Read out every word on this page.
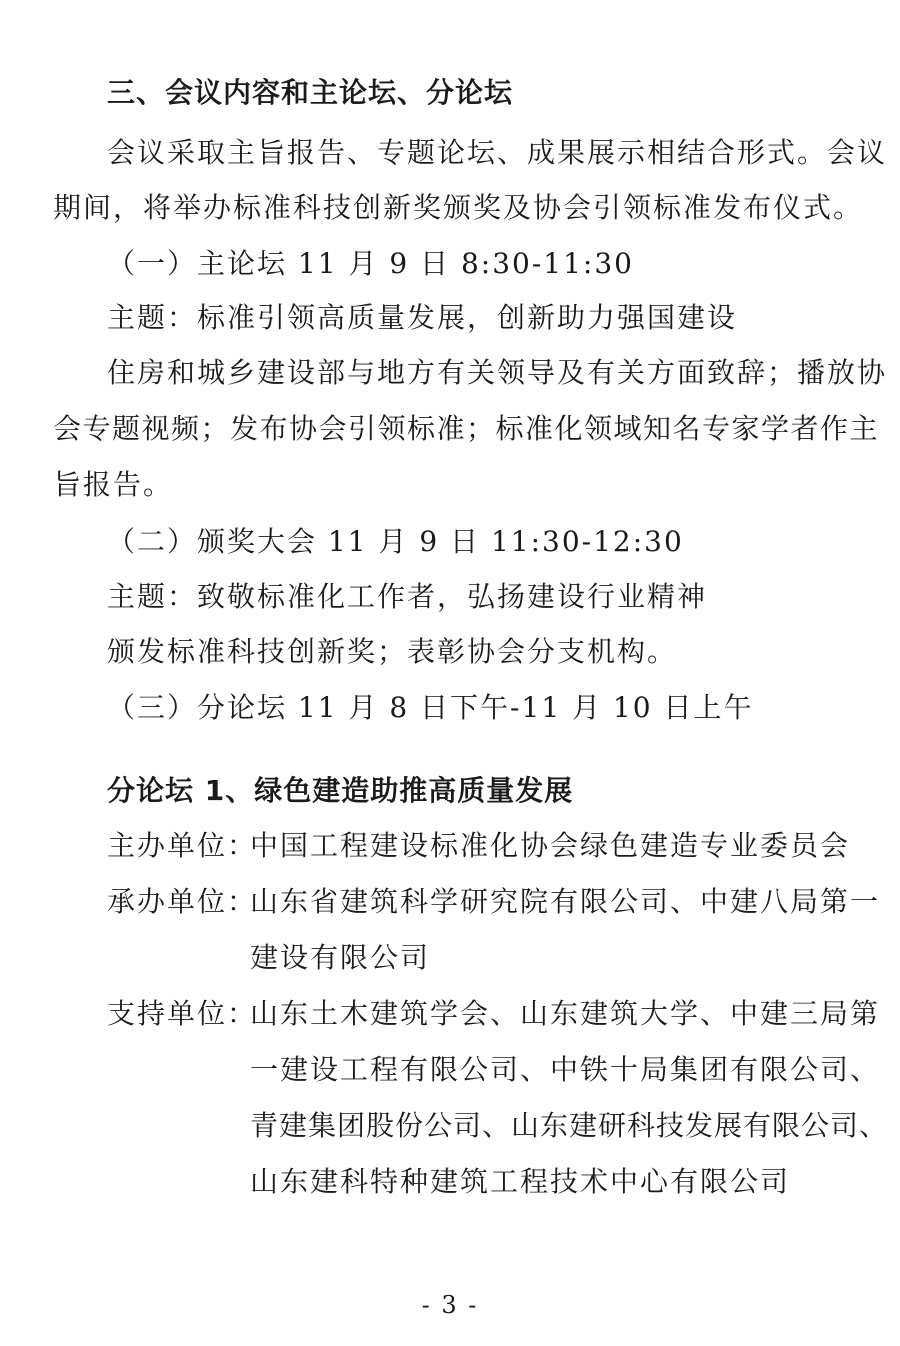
三、会议内容和主论坛、分论坛
会议采取主旨报告、专题论坛、成果展示相结合形式。会议
期间，将举办标准科技创新奖颁奖及协会引领标准发布仪式。
（一）主论坛 11 月 9 日 8:30-11:30
主题：标准引领高质量发展，创新助力强国建设
住房和城乡建设部与地方有关领导及有关方面致辞；播放协
会专题视频；发布协会引领标准；标准化领域知名专家学者作主
旨报告。
（二）颁奖大会 11 月 9 日 11:30-12:30
主题：致敬标准化工作者，弘扬建设行业精神
颁发标准科技创新奖；表彰协会分支机构。
（三）分论坛 11 月 8 日下午-11 月 10 日上午
分论坛 1、绿色建造助推高质量发展
主办单位：
中国工程建设标准化协会绿色建造专业委员会
承办单位：
山东省建筑科学研究院有限公司、中建八局第一
建设有限公司
支持单位：
山东土木建筑学会、山东建筑大学、中建三局第
一建设工程有限公司、中铁十局集团有限公司、
青建集团股份公司、山东建研科技发展有限公司、
山东建科特种建筑工程技术中心有限公司
- 3 -
